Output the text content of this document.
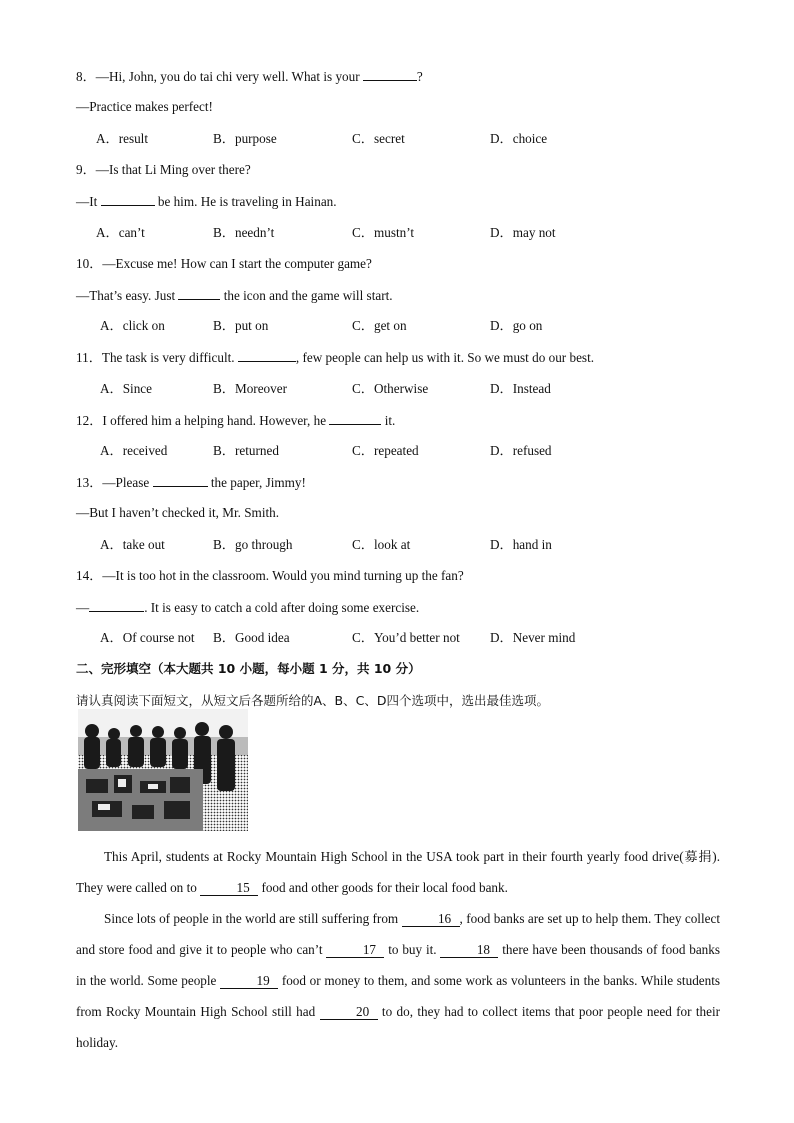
8．—Hi, John, you do tai chi very well. What is your	?
—Practice makes perfect!
A．result	B．purpose	C．secret	D．choice
9．—Is that Li Ming over there?
—It	be him. He is traveling in Hainan.
A．can’t	B．needn’t	C．mustn’t	D．may not
10．—Excuse me! How can I start the computer game?
—That’s easy. Just	the icon and the game will start.
A．click on	B．put on	C．get on	D．go on
11．The task is very difficult.	, few people can help us with it. So we must do our best.
A．Since	B．Moreover	C．Otherwise	D．Instead
12．I offered him a helping hand. However, he	it.
A．received	B．returned	C．repeated	D．refused
13．—Please	the paper, Jimmy!
—But I haven’t checked it, Mr. Smith.
A．take out	B．go through	C．look at	D．hand in
14．—It is too hot in the classroom. Would you mind turning up the fan?
—	. It is easy to catch a cold after doing some exercise.
A．Of course not B．Good idea	C．You’d better not D．Never mind
二、完形填空（本大题共 10 小题，每小题 1 分，共 10 分）
请认真阅读下面短文，从短文后各题所给的A、B、C、D四个选项中，选出最佳选项。
This April, students at Rocky Mountain High School in the USA took part in their fourth yearly food drive(募捐). They were called on to	15 food and other goods for their local food bank.
Since lots of people in the world are still suffering from	16 , food banks are set up to help them. They collect and store food and give it to people who can’t	17 to buy it.	18 there have been thousands of food banks in the world. Some people	19 food or money to them, and some work as volunteers in the banks. While students from Rocky Mountain High School still had	20 to do, they had to collect items that poor people need for their holiday.
